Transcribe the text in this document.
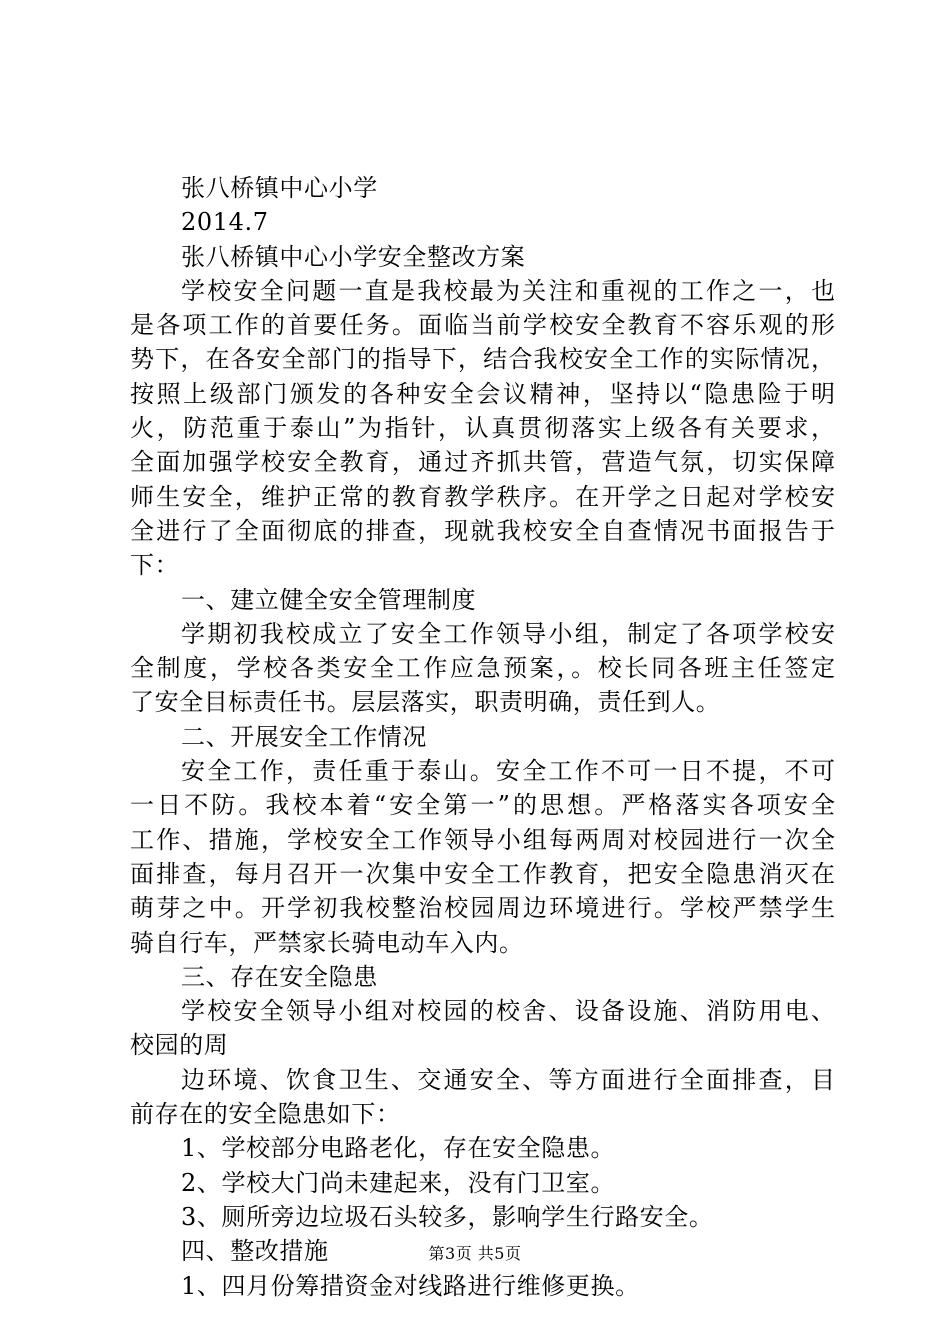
张八桥镇中心小学
2014.7
张八桥镇中心小学安全整改方案
学校安全问题一直是我校最为关注和重视的工作之一，也
是各项工作的首要任务。面临当前学校安全教育不容乐观的形
势下，在各安全部门的指导下，结合我校安全工作的实际情况，
按照上级部门颁发的各种安全会议精神，坚持以“隐患险于明
火，防范重于泰山”为指针，认真贯彻落实上级各有关要求，
全面加强学校安全教育，通过齐抓共管，营造气氛，切实保障
师生安全，维护正常的教育教学秩序。在开学之日起对学校安
全进行了全面彻底的排查，现就我校安全自查情况书面报告于
下：
一、建立健全安全管理制度
学期初我校成立了安全工作领导小组，制定了各项学校安
全制度，学校各类安全工作应急预案，。校长同各班主任签定
了安全目标责任书。层层落实，职责明确，责任到人。
二、开展安全工作情况
安全工作，责任重于泰山。安全工作不可一日不提，不可
一日不防。我校本着“安全第一”的思想。严格落实各项安全
工作、措施，学校安全工作领导小组每两周对校园进行一次全
面排查，每月召开一次集中安全工作教育，把安全隐患消灭在
萌芽之中。开学初我校整治校园周边环境进行。学校严禁学生
骑自行车，严禁家长骑电动车入内。
三、存在安全隐患
学校安全领导小组对校园的校舍、设备设施、消防用电、
校园的周
边环境、饮食卫生、交通安全、等方面进行全面排查，目
前存在的安全隐患如下：
1、学校部分电路老化，存在安全隐患。
2、学校大门尚未建起来，没有门卫室。
3、厕所旁边垃圾石头较多，影响学生行路安全。
四、整改措施
1、四月份筹措资金对线路进行维修更换。
第3页 共5页
